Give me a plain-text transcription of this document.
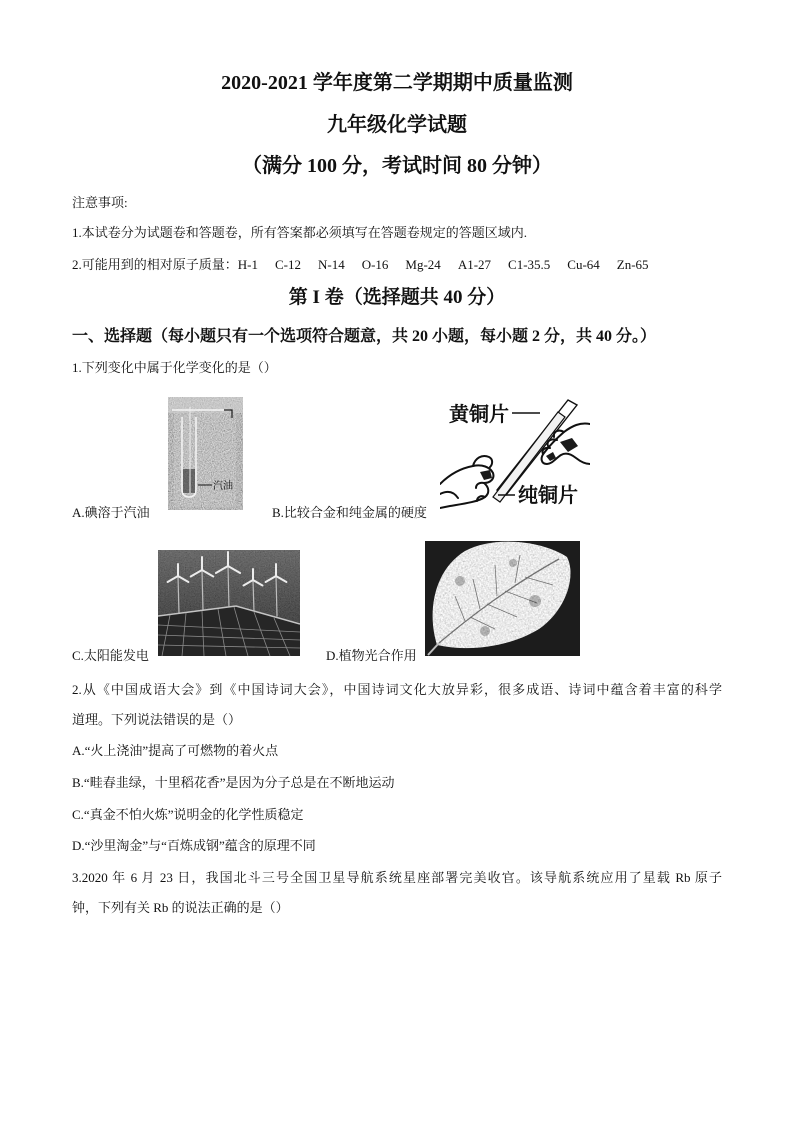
2020-2021 学年度第二学期期中质量监测
九年级化学试题
（满分 100 分，考试时间 80 分钟）
注意事项:
1.本试卷分为试题卷和答题卷，所有答案都必须填写在答题卷规定的答题区域内.
2.可能用到的相对原子质量：H-1 C-12 N-14 O-16 Mg-24 A1-27 C1-35.5 Cu-64 Zn-65
第 I 卷（选择题共 40 分）
一、选择题（每小题只有一个选项符合题意，共 20 小题，每小题 2 分，共 40 分。）
1.下列变化中属于化学变化的是（）
A.碘溶于汽油
汽油
B.比较合金和纯金属的硬度
黄铜片
纯铜片
C.太阳能发电	D.植物光合作用
2.从《中国成语大会》到《中国诗词大会》，中国诗词文化大放异彩，很多成语、诗词中蕴含着丰富的科学
道理。下列说法错误的是（）
A.“火上浇油”提高了可燃物的着火点
B.“畦春韭绿，十里稻花香”是因为分子总是在不断地运动
C.“真金不怕火炼”说明金的化学性质稳定
D.“沙里淘金”与“百炼成钢”蕴含的原理不同
3.2020 年 6 月 23 日，我国北斗三号全国卫星导航系统星座部署完美收官。该导航系统应用了星载 Rb 原子
钟，下列有关 Rb 的说法正确的是（）
